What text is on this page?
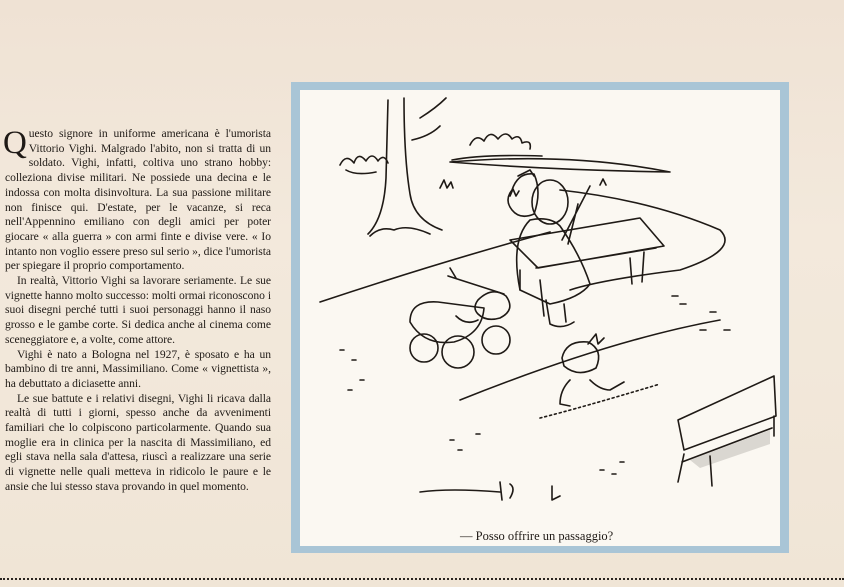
Questo signore in uniforme americana è l'umorista Vittorio Vighi. Malgrado l'abito, non si tratta di un soldato. Vighi, infatti, coltiva uno strano hobby: colleziona divise militari. Ne possiede una decina e le indossa con molta disinvoltura. La sua passione militare non finisce qui. D'estate, per le vacanze, si reca nell'Appennino emiliano con degli amici per poter giocare « alla guerra » con armi finte e divise vere. « Io intanto non voglio essere preso sul serio », dice l'umorista per spiegare il proprio comportamento.

In realtà, Vittorio Vighi sa lavorare seriamente. Le sue vignette hanno molto successo: molti ormai riconoscono i suoi disegni perché tutti i suoi personaggi hanno il naso grosso e le gambe corte. Si dedica anche al cinema come sceneggiatore e, a volte, come attore.

Vighi è nato a Bologna nel 1927, è sposato e ha un bambino di tre anni, Massimiliano. Come « vignettista », ha debuttato a diciasette anni.

Le sue battute e i relativi disegni, Vighi li ricava dalla realtà di tutti i giorni, spesso anche da avvenimenti familiari che lo colpiscono particolarmente. Quando sua moglie era in clinica per la nascita di Massimiliano, ed egli stava nella sala d'attesa, riuscì a realizzare una serie di vignette nelle quali metteva in ridicolo le paure e le ansie che lui stesso stava provando in quel momento.

Vighi
— Posso offrire un passaggio?
